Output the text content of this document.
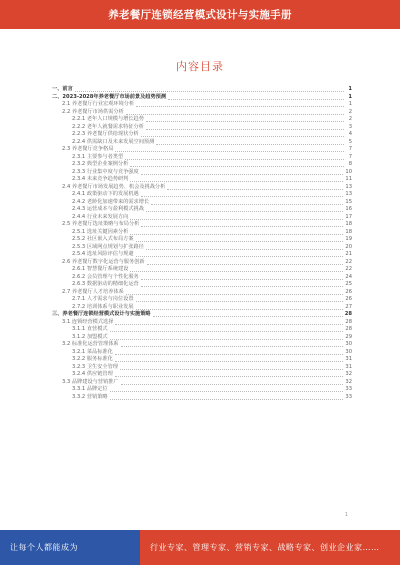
养老餐厅连锁经营模式设计与实施手册
内容目录
一、前言	1
二、2023-2028年养老餐厅市场前景及趋势预测	1
2.1 养老餐厅行业宏观环境分析	1
2.2 养老餐厅市场供需分析	2
2.2.1 老年人口规模与增长趋势	2
2.2.2 老年人就餐需求特征分析	3
2.2.3 养老餐厅供给现状分析	4
2.2.4 供需缺口及未来发展空间预测	5
2.3 养老餐厅竞争格局	7
2.3.1 主要参与者类型	7
2.3.2 典型企业案例分析	8
2.3.3 行业集中度与竞争强度	10
2.3.4 未来竞争趋势研判	11
2.4 养老餐厅市场发展趋势、机会及挑战分析	13
2.4.1 政策驱动下的发展机遇	13
2.4.2 老龄化加速带来的需求增长	15
2.4.3 运营成本与盈利模式挑战	16
2.4.4 行业未来发展方向	17
2.5 养老餐厅选址策略与布局分析	18
2.5.1 选址关键因素分析	18
2.5.2 社区嵌入式布局方案	19
2.5.3 区域网点规划与扩张路径	20
2.5.4 选址风险评估与规避	21
2.6 养老餐厅数字化运营与服务创新	22
2.6.1 智慧餐厅系统建设	22
2.6.2 会员管理与个性化服务	24
2.6.3 数据驱动的精细化运营	25
2.7 养老餐厅人才培养体系	26
2.7.1 人才需求与岗位设置	26
2.7.2 培训体系与职业发展	27
三、养老餐厅连锁经营模式设计与实施策略	28
3.1 连锁经营模式选择	28
3.1.1 直营模式	28
3.1.2 加盟模式	29
3.2 标准化运营管理体系	30
3.2.1 菜品标准化	30
3.2.2 服务标准化	31
3.2.3 卫生安全管理	31
3.2.4 供应链管理	32
3.3 品牌建设与营销推广	32
3.3.1 品牌定位	33
3.3.2 营销策略	33
1
让每个人都能成为	行业专家、管理专家、营销专家、战略专家、创业企业家……
